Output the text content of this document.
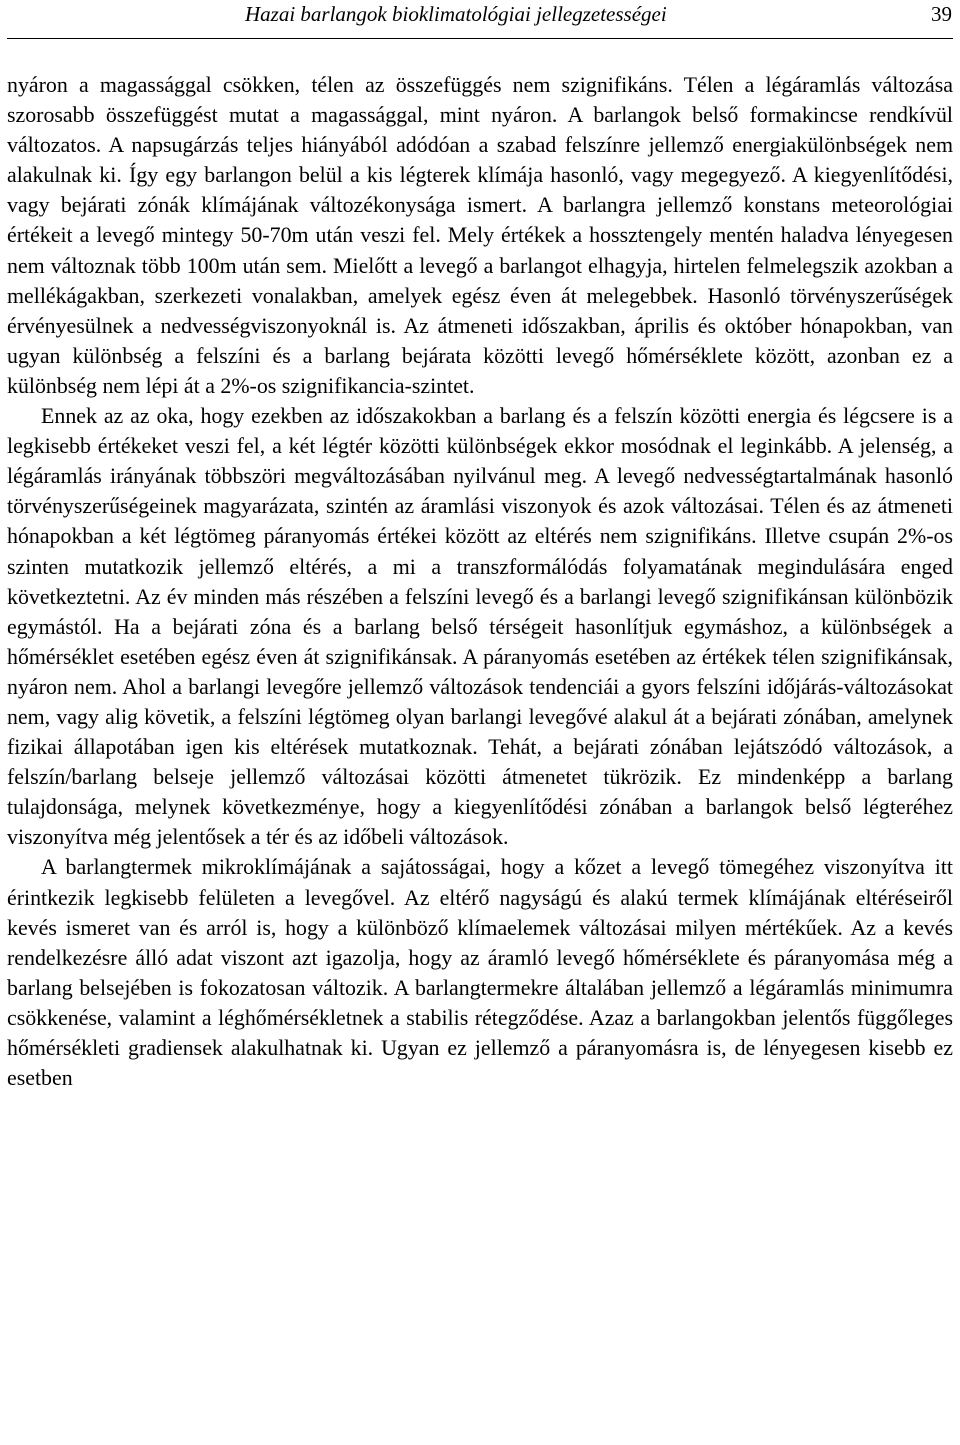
Hazai barlangok bioklimatológiai jellegzetességei	39

nyáron a magassággal csökken, télen az összefüggés nem szignifikáns. Télen a légáramlás változása szorosabb összefüggést mutat a magassággal, mint nyáron. A barlangok belső formakincse rendkívül változatos. A napsugárzás teljes hiányából adódóan a szabad felszínre jellemző energiakülönbségek nem alakulnak ki. Így egy barlangon belül a kis légterek klímája hasonló, vagy megegyező. A kiegyenlítődési, vagy bejárati zónák klímájának változékonysága ismert. A barlangra jellemző konstans meteorológiai értékeit a levegő mintegy 50-70m után veszi fel. Mely értékek a hossztengely mentén haladva lényegesen nem változnak több 100m után sem. Mielőtt a levegő a barlangot elhagyja, hirtelen felmelegszik azokban a mellékágakban, szerkezeti vonalakban, amelyek egész éven át melegebbek. Hasonló törvényszerűségek érvényesülnek a nedvességviszonyoknál is. Az átmeneti időszakban, április és október hónapokban, van ugyan különbség a felszíni és a barlang bejárata közötti levegő hőmérséklete között, azonban ez a különbség nem lépi át a 2%-os szignifikancia-szintet.

Ennek az az oka, hogy ezekben az időszakokban a barlang és a felszín közötti energia és légcsere is a legkisebb értékeket veszi fel, a két légtér közötti különbségek ekkor mosódnak el leginkább. A jelenség, a légáramlás irányának többszöri megváltozásában nyilvánul meg. A levegő nedvességtartalmának hasonló törvényszerűségeinek magyarázata, szintén az áramlási viszonyok és azok változásai. Télen és az átmeneti hónapokban a két légtömeg páranyomás értékei között az eltérés nem szignifikáns. Illetve csupán 2%-os szinten mutatkozik jellemző eltérés, a mi a transzformálódás folyamatának megindulására enged következtetni. Az év minden más részében a felszíni levegő és a barlangi levegő szignifikánsan különbözik egymástól. Ha a bejárati zóna és a barlang belső térségeit hasonlítjuk egymáshoz, a különbségek a hőmérséklet esetében egész éven át szignifikánsak. A páranyomás esetében az értékek télen szignifikánsak, nyáron nem. Ahol a barlangi levegőre jellemző változások tendenciái a gyors felszíni időjárás-változásokat nem, vagy alig követik, a felszíni légtömeg olyan barlangi levegővé alakul át a bejárati zónában, amelynek fizikai állapotában igen kis eltérések mutatkoznak. Tehát, a bejárati zónában lejátszódó változások, a felszín/barlang belseje jellemző változásai közötti átmenetet tükrözik. Ez mindenképp a barlang tulajdonsága, melynek következménye, hogy a kiegyenlítődési zónában a barlangok belső légteréhez viszonyítva még jelentősek a tér és az időbeli változások.

A barlangtermek mikroklímájának a sajátosságai, hogy a kőzet a levegő tömegéhez viszonyítva itt érintkezik legkisebb felületen a levegővel. Az eltérő nagyságú és alakú termek klímájának eltéréseiről kevés ismeret van és arról is, hogy a különböző klímaelemek változásai milyen mértékűek. Az a kevés rendelkezésre álló adat viszont azt igazolja, hogy az áramló levegő hőmérséklete és páranyomása még a barlang belsejében is fokozatosan változik. A barlangtermekre általában jellemző a légáramlás minimumra csökkenése, valamint a léghőmérsékletnek a stabilis rétegződése. Azaz a barlangokban jelentős függőleges hőmérsékleti gradiensek alakulhatnak ki. Ugyan ez jellemző a páranyomásra is, de lényegesen kisebb ez esetben
